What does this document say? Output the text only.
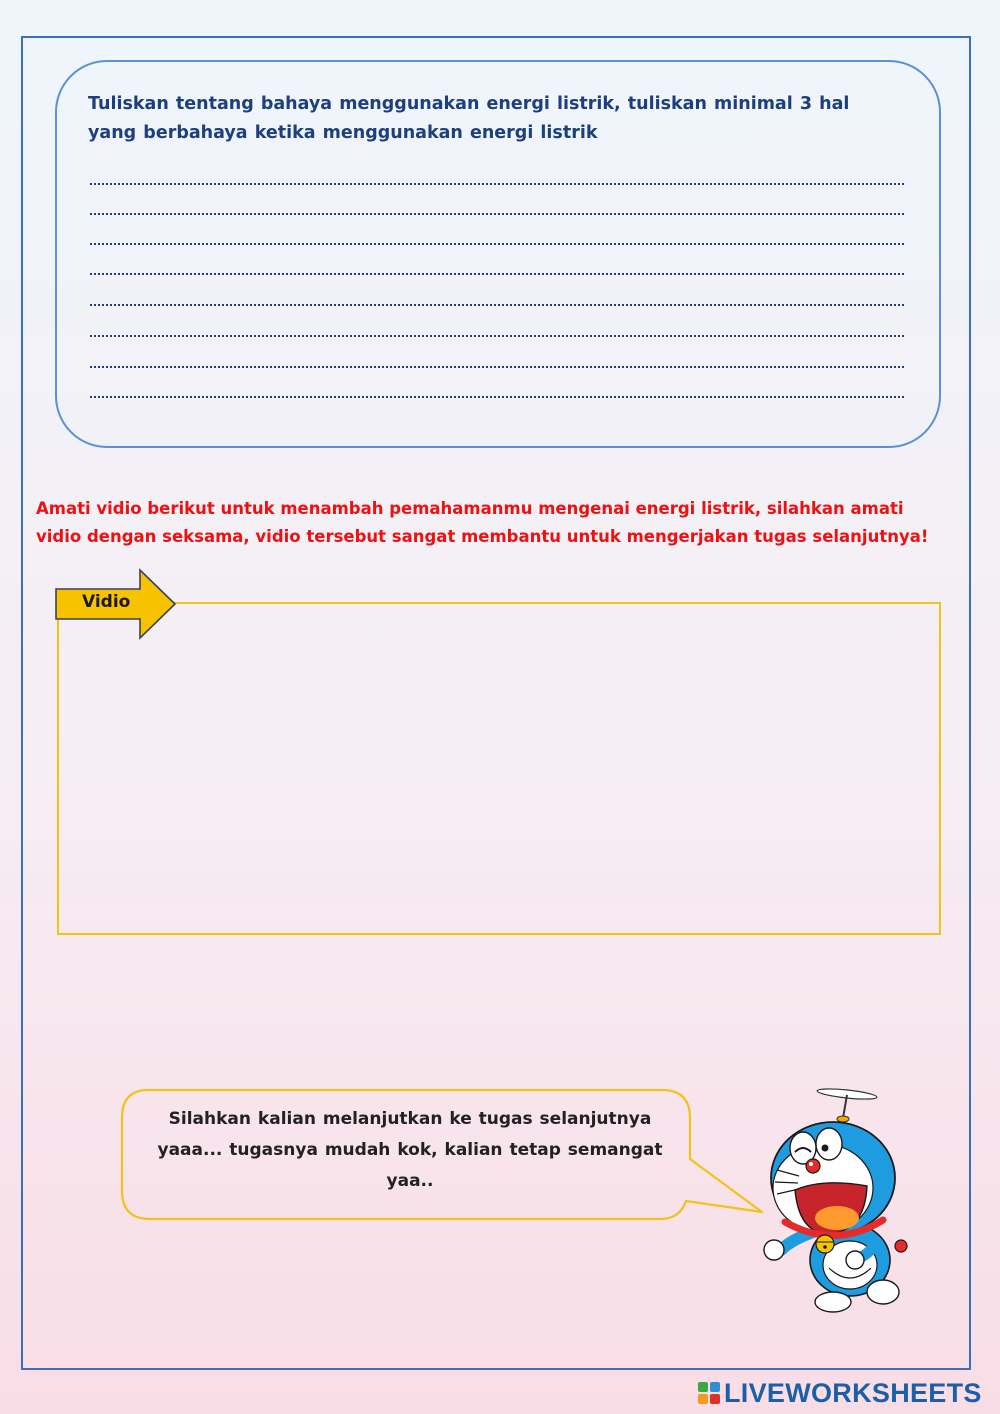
Tuliskan tentang bahaya menggunakan energi listrik, tuliskan minimal 3 hal yang berbahaya ketika menggunakan energi listrik
Amati vidio berikut untuk menambah pemahamanmu mengenai energi listrik, silahkan amati vidio dengan seksama, vidio tersebut sangat membantu untuk mengerjakan tugas selanjutnya!
Vidio
Silahkan kalian melanjutkan ke tugas selanjutnya yaaa... tugasnya mudah kok, kalian tetap semangat yaa..
LIVEWORKSHEETS
